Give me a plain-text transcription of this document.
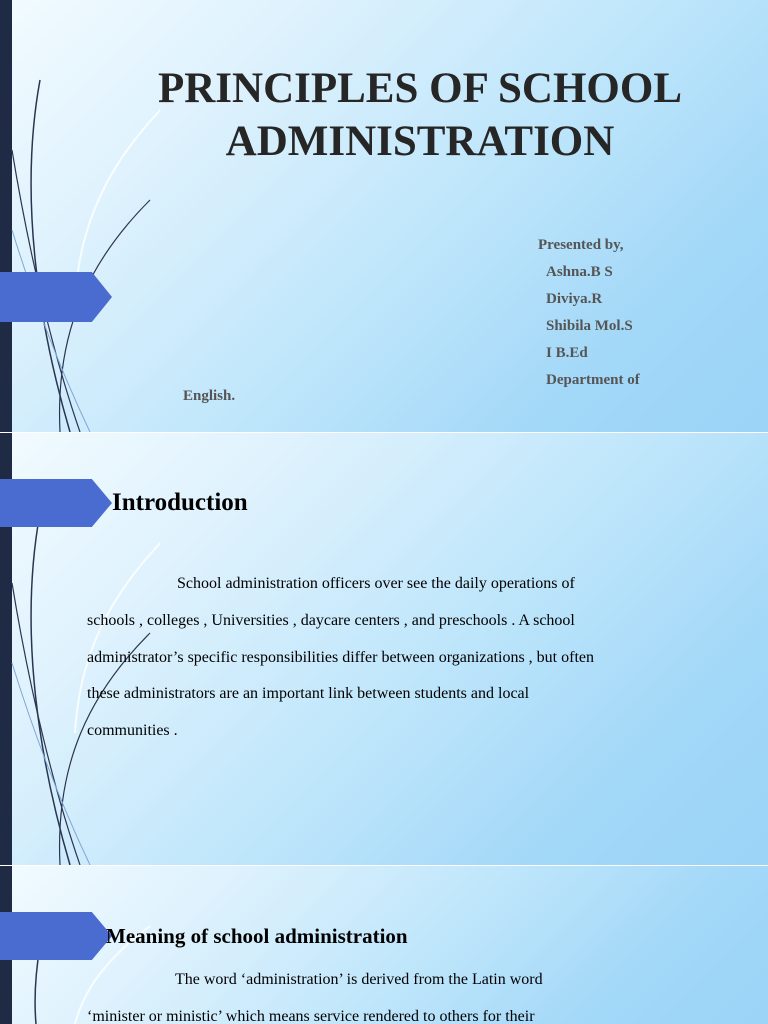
PRINCIPLES OF SCHOOL
ADMINISTRATION
Presented by,
Ashna.B S
Diviya.R
Shibila Mol.S
I B.Ed
Department of
English.
Introduction
School administration officers over see the daily operations of
schools , colleges , Universities , daycare centers , and preschools . A school
administrator’s specific responsibilities differ between organizations , but often
these administrators are an important link between students and local
communities .
Meaning of school administration
The word ‘administration’ is derived from the Latin word
‘minister or ministic’ which means service rendered to others for their
